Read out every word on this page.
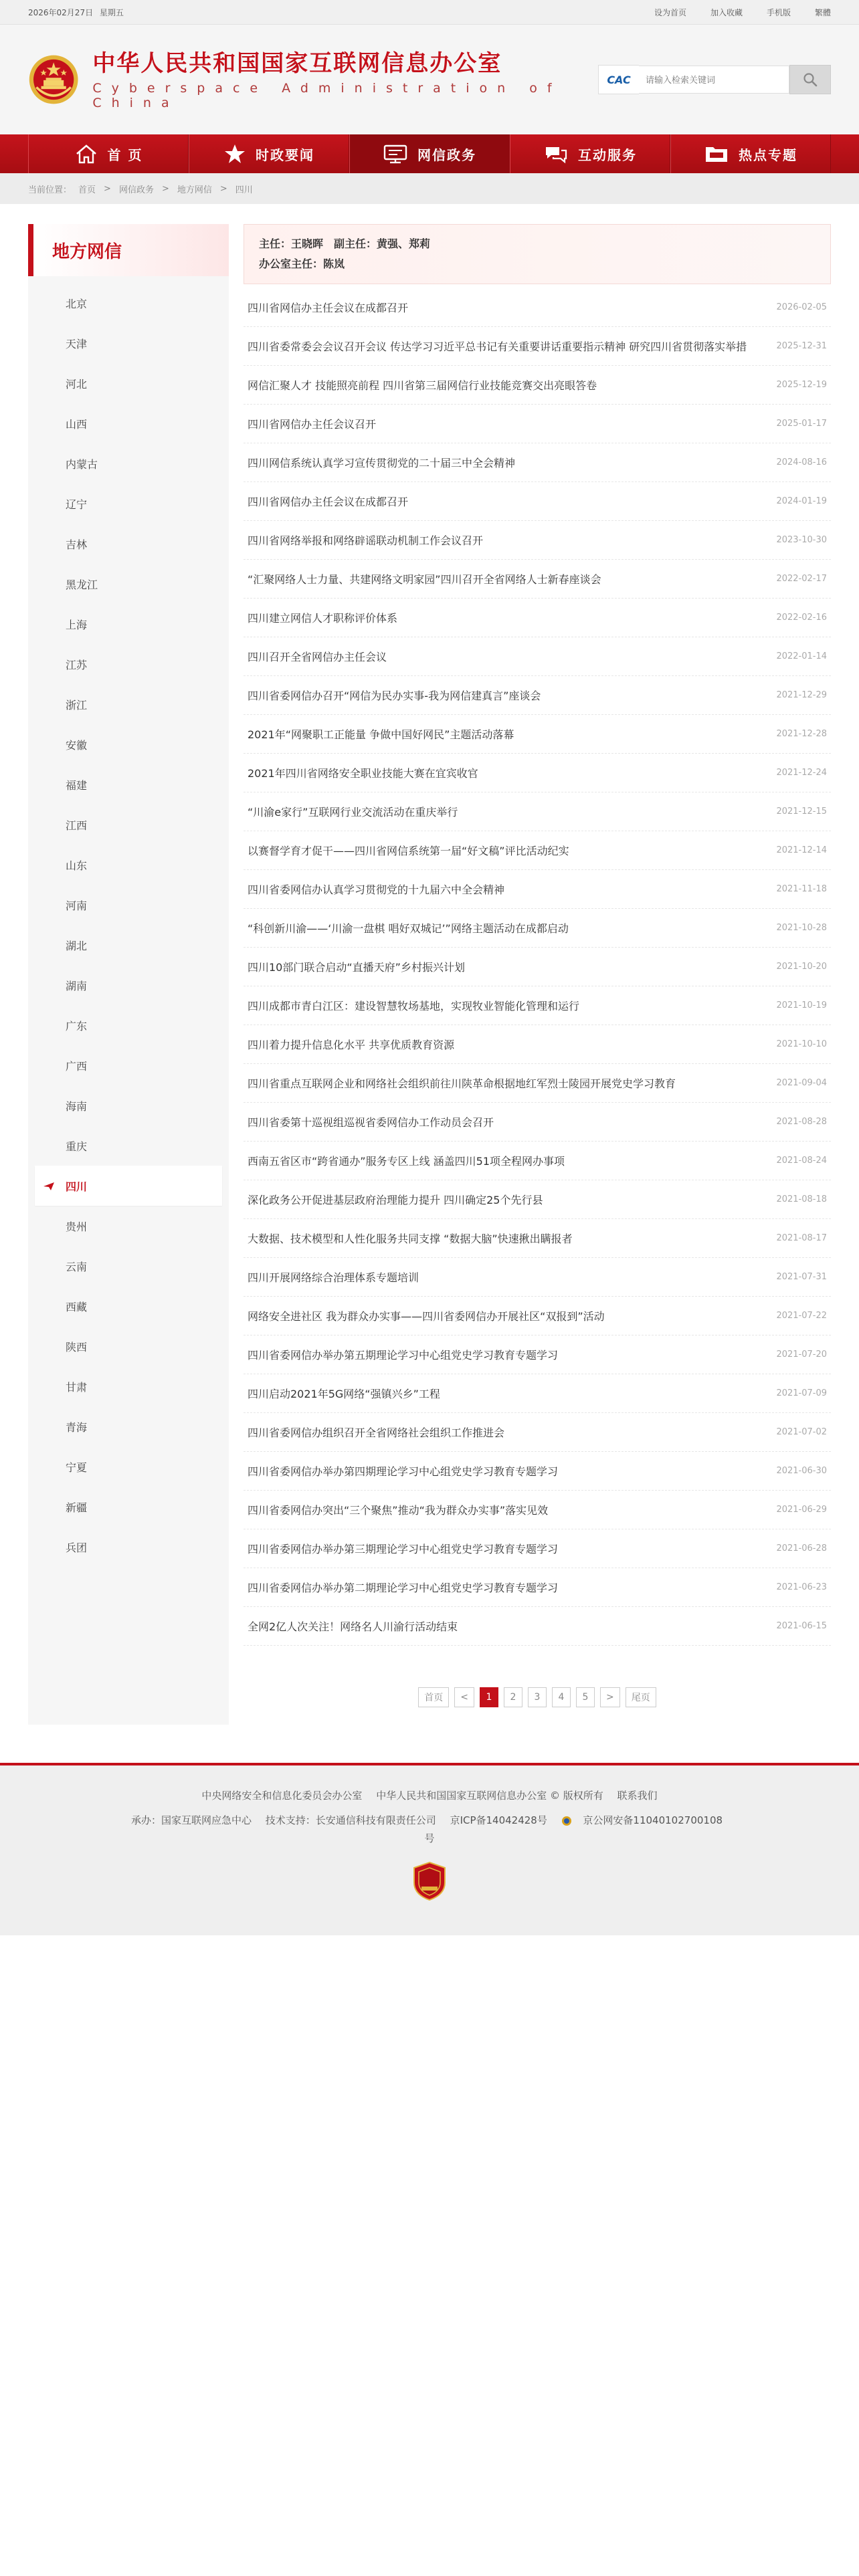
2026年02月27日 星期五	设为首页	加入收藏	手机版	繁體
中华人民共和国国家互联网信息办公室
Cyberspace Administration of China
CAC
请输入检索关键词
首 页	时政要闻	网信政务	互动服务	热点专题
当前位置： 首页 > 网信政务 > 地方网信 > 四川
地方网信
北京
天津
河北
山西
内蒙古
辽宁
吉林
黑龙江
上海
江苏
浙江
安徽
福建
江西
山东
河南
湖北
湖南
广东
广西
海南
重庆
四川
贵州
云南
西藏
陕西
甘肃
青海
宁夏
新疆
兵团
主任：王晓晖　副主任：黄强、郑莉
办公室主任：陈岚
四川省网信办主任会议在成都召开	2026-02-05
四川省委常委会会议召开会议 传达学习习近平总书记有关重要讲话重要指示精神 研究四川省贯彻落实举措	2025-12-31
网信汇聚人才 技能照亮前程 四川省第三届网信行业技能竞赛交出亮眼答卷	2025-12-19
四川省网信办主任会议召开	2025-01-17
四川网信系统认真学习宣传贯彻党的二十届三中全会精神	2024-08-16
四川省网信办主任会议在成都召开	2024-01-19
四川省网络举报和网络辟谣联动机制工作会议召开	2023-10-30
“汇聚网络人士力量、共建网络文明家园”四川召开全省网络人士新春座谈会	2022-02-17
四川建立网信人才职称评价体系	2022-02-16
四川召开全省网信办主任会议	2022-01-14
四川省委网信办召开“网信为民办实事-我为网信建真言”座谈会	2021-12-29
2021年“网聚职工正能量 争做中国好网民”主题活动落幕	2021-12-28
2021年四川省网络安全职业技能大赛在宜宾收官	2021-12-24
“川渝e家行”互联网行业交流活动在重庆举行	2021-12-15
以赛督学育才促干——四川省网信系统第一届“好文稿”评比活动纪实	2021-12-14
四川省委网信办认真学习贯彻党的十九届六中全会精神	2021-11-18
“科创新川渝——‘川渝一盘棋 唱好双城记’”网络主题活动在成都启动	2021-10-28
四川10部门联合启动“直播天府”乡村振兴计划	2021-10-20
四川成都市青白江区：建设智慧牧场基地，实现牧业智能化管理和运行	2021-10-19
四川着力提升信息化水平 共享优质教育资源	2021-10-10
四川省重点互联网企业和网络社会组织前往川陕革命根据地红军烈士陵园开展党史学习教育	2021-09-04
四川省委第十巡视组巡视省委网信办工作动员会召开	2021-08-28
西南五省区市“跨省通办”服务专区上线 涵盖四川51项全程网办事项	2021-08-24
深化政务公开促进基层政府治理能力提升 四川确定25个先行县	2021-08-18
大数据、技术模型和人性化服务共同支撑 “数据大脑”快速揪出瞒报者	2021-08-17
四川开展网络综合治理体系专题培训	2021-07-31
网络安全进社区 我为群众办实事——四川省委网信办开展社区“双报到”活动	2021-07-22
四川省委网信办举办第五期理论学习中心组党史学习教育专题学习	2021-07-20
四川启动2021年5G网络“强镇兴乡”工程	2021-07-09
四川省委网信办组织召开全省网络社会组织工作推进会	2021-07-02
四川省委网信办举办第四期理论学习中心组党史学习教育专题学习	2021-06-30
四川省委网信办突出“三个聚焦”推动“我为群众办实事”落实见效	2021-06-29
四川省委网信办举办第三期理论学习中心组党史学习教育专题学习	2021-06-28
四川省委网信办举办第二期理论学习中心组党史学习教育专题学习	2021-06-23
全网2亿人次关注！网络名人川渝行活动结束	2021-06-15
首页	<	1	2	3	4	5	>	尾页
中央网络安全和信息化委员会办公室 中华人民共和国国家互联网信息办公室 © 版权所有 联系我们
承办：国家互联网应急中心 技术支持：长安通信科技有限责任公司 京ICP备14042428号	京公网安备11040102700108
号
